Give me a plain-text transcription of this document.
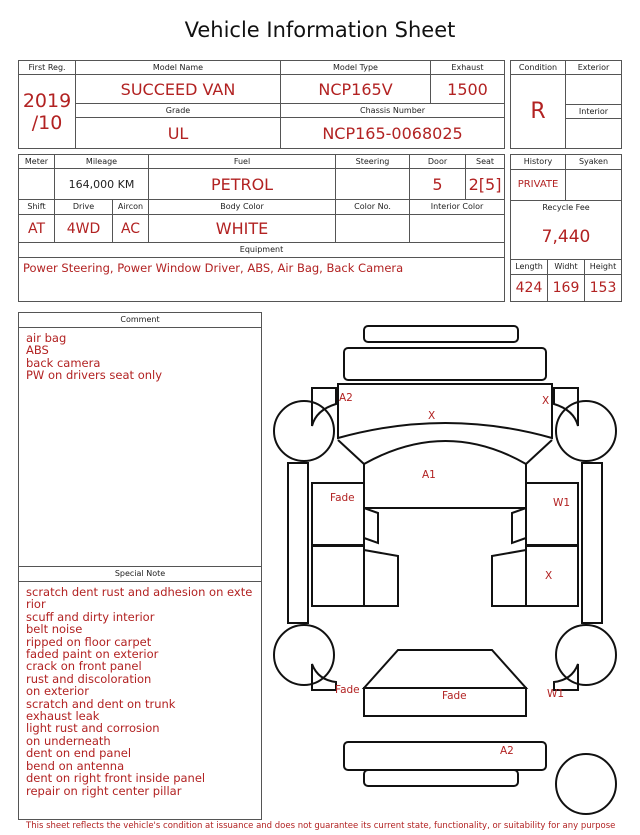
Vehicle Information Sheet
First Reg.	Model Name	Model Type	Exhaust

2019
/10	SUCCEED VAN	NCP165V	1500
	Grade	Chassis Number	
	UL	NCP165-0068025	
Condition	Exterior
R	
	Interior

Meter	Mileage		Fuel	Steering	Door	Seat
	164,000 KM		PETROL		5	2[5]
Shift	Drive	Aircon	Body Color	Color No.	Interior Color	
AT	4WD	AC	WHITE			
Equipment						
Power Steering, Power Window Driver, ABS, Air Bag, Back Camera						
History		Syaken	
PRIVATE			
Recycle Fee			
7,440			
Length	Widht		Height
424	169		153
Comment
air bag
ABS
back camera
PW on drivers seat only
Special Note
scratch dent rust and adhesion on exte
rior
scuff and dirty interior
belt noise
ripped on floor carpet
faded paint on exterior
crack on front panel
rust and discoloration
on exterior
scratch and dent on trunk
exhaust leak
light rust and corrosion
on underneath
dent on end panel
bend on antenna
dent on right front inside panel
repair on right center pillar
A2
X
X
A1
Fade	W1
X
Fade	Fade	W1
A2
This sheet reflects the vehicle's condition at issuance and does not guarantee its current state, functionality, or suitability for any purpose
